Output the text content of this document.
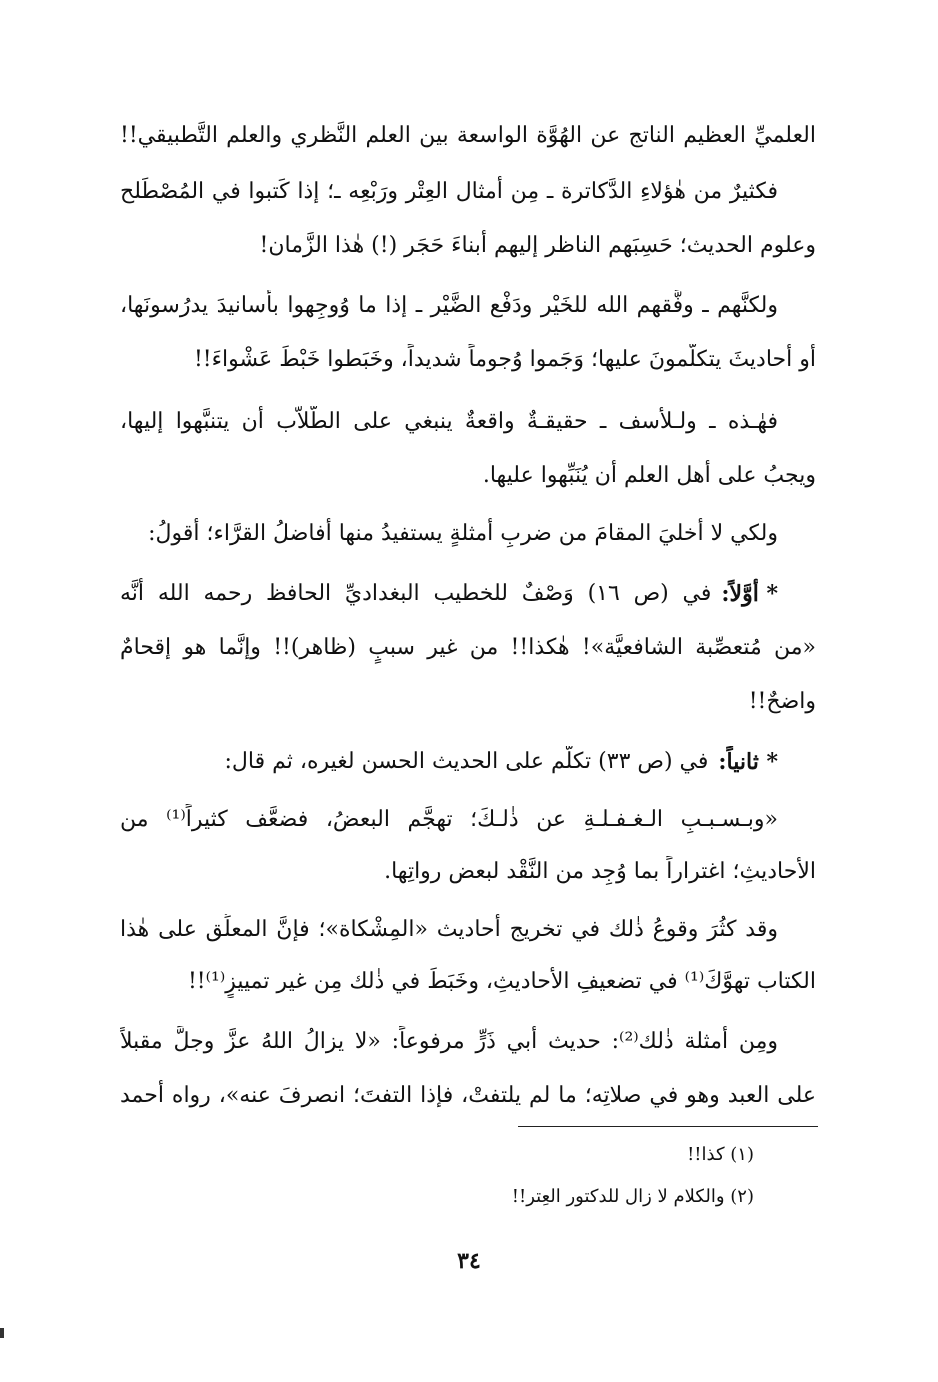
العلميِّ العظيم الناتج عن الهُوَّة الواسعة بين العلم النَّظري والعلم التَّطبيقي!!
فكثيرٌ من هٰؤلاءِ الدَّكاترة ـ مِن أمثال العِتْر ورَبْعِه ـ؛ إذا كَتبوا في المُصْطَلح
وعلوم الحديث؛ حَسِبَهم الناظر إليهم أبناءَ حَجَر (!) هٰذا الزَّمان!
ولكنَّهم ـ وفَّقهم الله للخَيْر ودَفْع الضَّيْر ـ إذا ما وُوجِهوا بأسانيدَ يدرُسونَها،
أو أحاديثَ يتكلَّمونَ عليها؛ وَجَموا وُجوماً شديداً، وخَبَطوا خَبْطَ عَشْواءَ!!
فهٰـذه ـ ولـلأسف ـ حقيقـةٌ واقعةٌ ينبغي على الطُّلاَّب أن يتنبَّهوا إليها،
ويجبُ على أهل العلم أن يُنَبِّهوا عليها.
ولكي لا أُخليَ المقامَ من ضربِ أمثلةٍ يستفيدُ منها أفاضلُ القرَّاء؛ أقولُ:
* أوَّلاً:
في (ص ١٦) وَصْفٌ للخطيب البغداديِّ الحافظ رحمه الله أنَّه
«من مُتعصِّبة الشافعيَّة»! هٰكذا!! من غير سببٍ (ظاهر)!! وإنَّما هو إقحامٌ
واضحٌ!!
* ثانياً:
في (ص ٣٣) تكلَّم على الحديث الحسن لغيره، ثم قال:
«وبـسـبـبِ الـغـفـلـةِ عن ذٰلـكَ؛ تهجَّم البعضُ، فضعَّف كثيراً⁽¹⁾ من
الأحاديثِ؛ اغتراراً بما وُجِد من النَّقْد لبعض رواتِها.
وقد كثُرَ وقوعُ ذٰلك في تخريج أحاديث «المِشْكاة»؛ فإنَّ المعلِّق على هٰذا
الكتاب تهوَّكَ⁽¹⁾ في تضعيفِ الأحاديثِ، وخَبَطَ في ذٰلك مِن غير تمييزٍ⁽¹⁾!!
ومِن أمثلة ذٰلك⁽²⁾: حديث أبي ذَرٍّ مرفوعاً: «لا يزالُ اللهُ عزَّ وجلَّ مقبلاً
على العبد وهو في صلاتِه؛ ما لم يلتفتْ، فإذا التفتَ؛ انصرفَ عنه»، رواه أحمد
(١) كذا!!
(٢) والكلام لا زال للدكتور العِتر!!
٣٤
